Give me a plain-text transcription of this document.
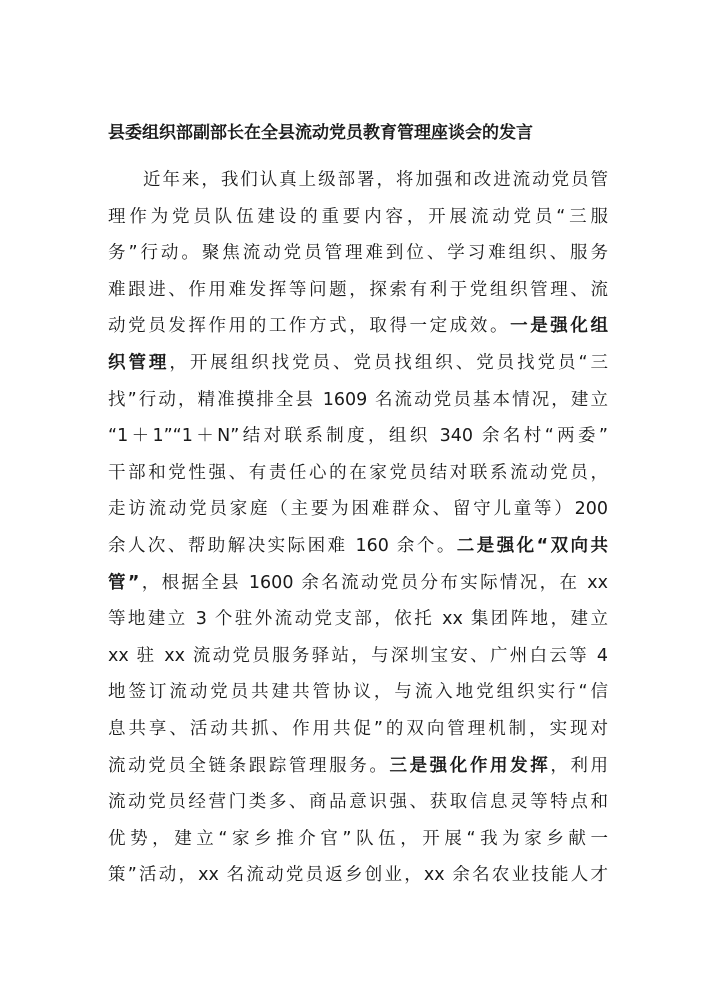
县委组织部副部长在全县流动党员教育管理座谈会的发言
近年来，我们认真上级部署，将加强和改进流动党员管
理作为党员队伍建设的重要内容，开展流动党员“三服
务”行动。聚焦流动党员管理难到位、学习难组织、服务
难跟进、作用难发挥等问题，探索有利于党组织管理、流
动党员发挥作用的工作方式，取得一定成效。一是强化组
织管理，开展组织找党员、党员找组织、党员找党员“三
找”行动，精准摸排全县 1609 名流动党员基本情况，建立
“1＋1”“1＋N”结对联系制度，组织 340 余名村“两委”
干部和党性强、有责任心的在家党员结对联系流动党员，
走访流动党员家庭（主要为困难群众、留守儿童等）200
余人次、帮助解决实际困难 160 余个。二是强化“双向共
管”，根据全县 1600 余名流动党员分布实际情况，在 xx
等地建立 3 个驻外流动党支部，依托 xx 集团阵地，建立
xx 驻 xx 流动党员服务驿站，与深圳宝安、广州白云等 4
地签订流动党员共建共管协议，与流入地党组织实行“信
息共享、活动共抓、作用共促”的双向管理机制，实现对
流动党员全链条跟踪管理服务。三是强化作用发挥，利用
流动党员经营门类多、商品意识强、获取信息灵等特点和
优势，建立“家乡推介官”队伍，开展“我为家乡献一
策”活动，xx 名流动党员返乡创业，xx 余名农业技能人才
